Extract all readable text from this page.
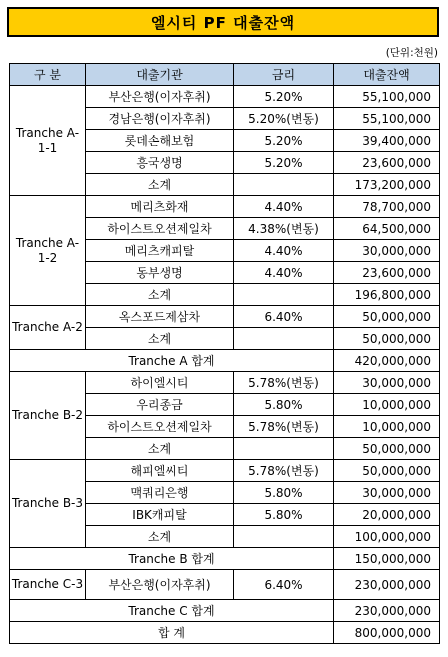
엘시티 PF 대출잔액
(단위:천원)
구 분	대출기관	금리	대출잔액
Tranche A-1-1	부산은행(이자후취)	5.20%	55,100,000
	경남은행(이자후취)	5.20%(변동)	55,100,000
	롯데손해보험	5.20%	39,400,000
	흥국생명	5.20%	23,600,000
	소계		173,200,000
Tranche A-1-2	메리츠화재	4.40%	78,700,000
	하이스트오션제일차	4.38%(변동)	64,500,000
	메리츠캐피탈	4.40%	30,000,000
	동부생명	4.40%	23,600,000
	소계		196,800,000
Tranche A-2	옥스포드제삼차	6.40%	50,000,000
	소계		50,000,000
Tranche A 합계			420,000,000
Tranche B-2	하이엘시티	5.78%(변동)	30,000,000
	우리종금	5.80%	10,000,000
	하이스트오션제일차	5.78%(변동)	10,000,000
	소계		50,000,000
Tranche B-3	해피엘씨티	5.78%(변동)	50,000,000
	맥쿼리은행	5.80%	30,000,000
	IBK캐피탈	5.80%	20,000,000
	소계		100,000,000
Tranche B 합계			150,000,000
Tranche C-3	부산은행(이자후취)	6.40%	230,000,000
Tranche C 합계			230,000,000
합 계			800,000,000
